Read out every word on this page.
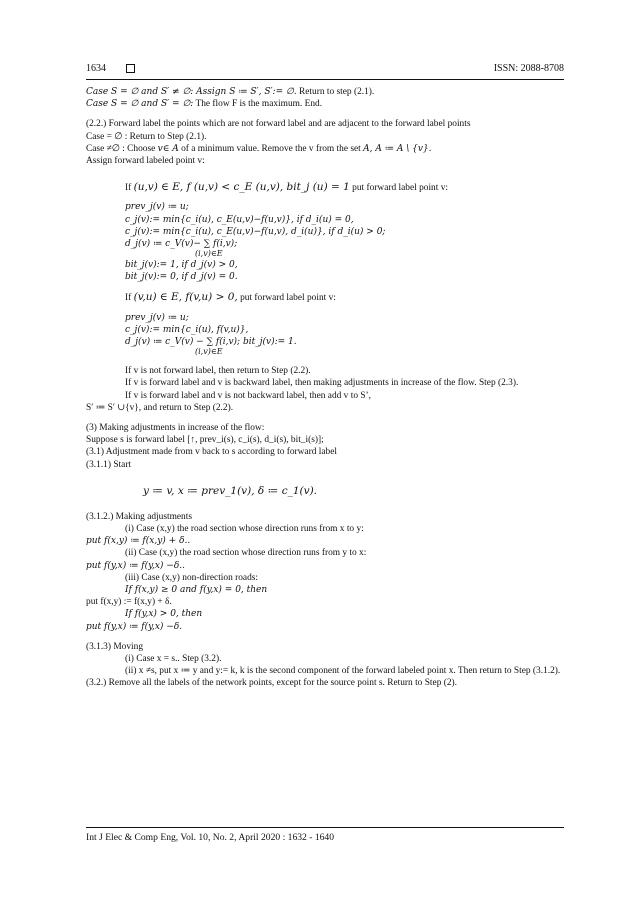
1634	ISSN: 2088-8708
Case S = ∅ and S′ ≠ ∅: Assign S ≔ S′, S′:= ∅. Return to step (2.1).
Case S = ∅ and S′ = ∅: The flow F is the maximum. End.
(2.2.) Forward label the points which are not forward label and are adjacent to the forward label points
Case = ∅ : Return to Step (2.1).
Case ≠∅ : Choose v∈ A of a minimum value. Remove the v from the set A, A ≔ A \ {v}.
Assign forward labeled point v:
If (u,v) ∈ E, f (u,v) < c_E (u,v), bit_j (u) = 1 put forward label point v:
prev_j(v) ≔ u;
c_j(v):= min{c_i(u), c_E(u,v)−f(u,v)}, if d_i(u) = 0,
c_j(v):= min{c_i(u), c_E(u,v)−f(u,v), d_i(u)}, if d_i(u) > 0;
d_j(v) ≔ c_V(v)− ∑ f(i,v);
(i,v)∈E
bit_j(v):= 1, if d_j(v) > 0,
bit_j(v):= 0, if d_j(v) = 0.
If (v,u) ∈ E, f(v,u) > 0, put forward label point v:
prev_j(v) ≔ u;
c_j(v):= min{c_i(u), f(v,u)},
d_j(v) ≔ c_V(v) − ∑ f(i,v); bit_j(v):= 1.
(i,v)∈E
If v is not forward label, then return to Step (2.2).
If v is forward label and v is backward label, then making adjustments in increase of the flow. Step (2.3).
If v is forward label and v is not backward label, then add v to S’,
S′ ≔ S′ ∪{v}, and return to Step (2.2).
(3) Making adjustments in increase of the flow:
Suppose s is forward label [↑, prev_i(s), c_i(s), d_i(s), bit_i(s)];
(3.1) Adjustment made from v back to s according to forward label
(3.1.1) Start
y ≔ v, x ≔ prev_1(v), δ ≔ c_1(v).
(3.1.2.) Making adjustments
(i) Case (x,y) the road section whose direction runs from x to y:
put f(x,y) ≔ f(x,y) + δ..
(ii) Case (x,y) the road section whose direction runs from y to x:
put f(y,x) ≔ f(y,x) −δ..
(iii) Case (x,y) non-direction roads:
If f(x,y) ≥ 0 and f(y,x) = 0, then
put f(x,y) := f(x,y) + δ.
If f(y,x) > 0, then
put f(y,x) ≔ f(y,x) −δ.
(3.1.3) Moving
(i) Case x = s.. Step (3.2).
(ii) x ≠s, put x ≔ y and y:= k, k is the second component of the forward labeled point x. Then return to Step (3.1.2).
(3.2.) Remove all the labels of the network points, except for the source point s. Return to Step (2).
Int J Elec & Comp Eng, Vol. 10, No. 2, April 2020 : 1632 - 1640
